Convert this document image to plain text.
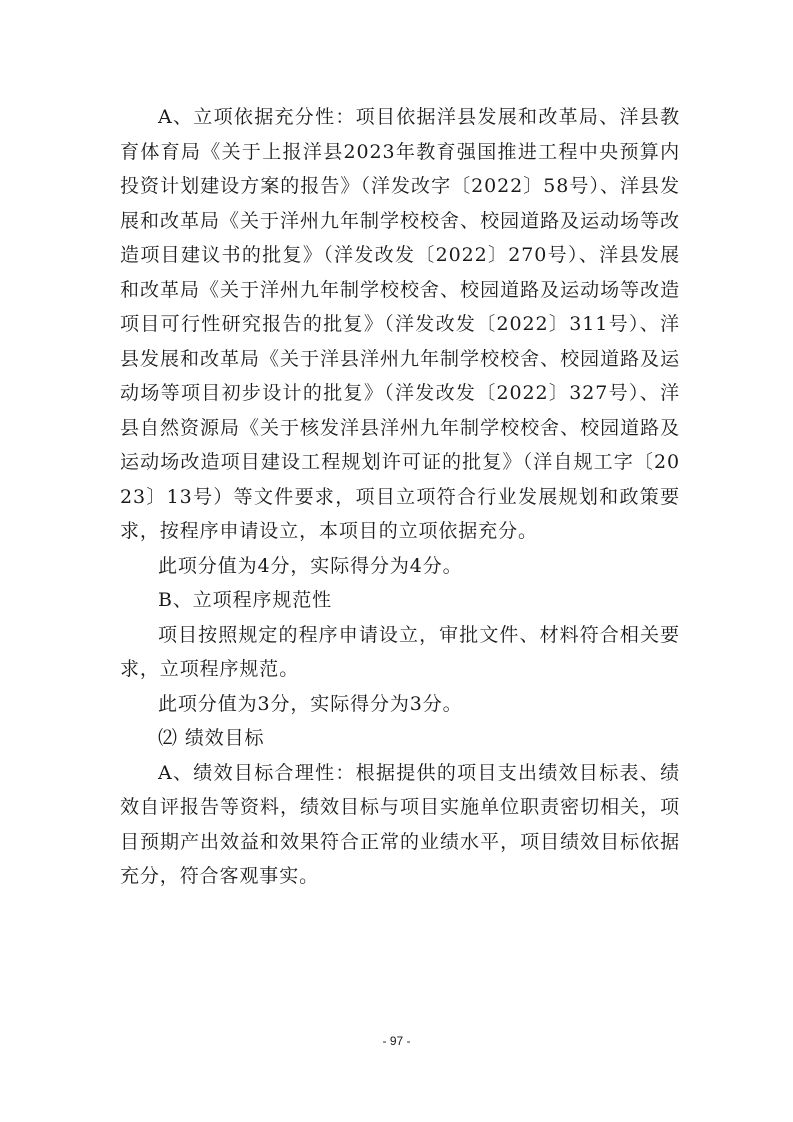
A、立项依据充分性：项目依据洋县发展和改革局、洋县教育体育局《关于上报洋县2023年教育强国推进工程中央预算内投资计划建设方案的报告》（洋发改字〔2022〕58号）、洋县发展和改革局《关于洋州九年制学校校舍、校园道路及运动场等改造项目建议书的批复》（洋发改发〔2022〕270号）、洋县发展和改革局《关于洋州九年制学校校舍、校园道路及运动场等改造项目可行性研究报告的批复》（洋发改发〔2022〕311号）、洋县发展和改革局《关于洋县洋州九年制学校校舍、校园道路及运动场等项目初步设计的批复》（洋发改发〔2022〕327号）、洋县自然资源局《关于核发洋县洋州九年制学校校舍、校园道路及运动场改造项目建设工程规划许可证的批复》（洋自规工字〔2023〕13号）等文件要求，项目立项符合行业发展规划和政策要求，按程序申请设立，本项目的立项依据充分。

此项分值为4分，实际得分为4分。

B、立项程序规范性

项目按照规定的程序申请设立，审批文件、材料符合相关要求，立项程序规范。

此项分值为3分，实际得分为3分。

⑵ 绩效目标

A、绩效目标合理性：根据提供的项目支出绩效目标表、绩效自评报告等资料，绩效目标与项目实施单位职责密切相关，项目预期产出效益和效果符合正常的业绩水平，项目绩效目标依据充分，符合客观事实。

- 97 -
